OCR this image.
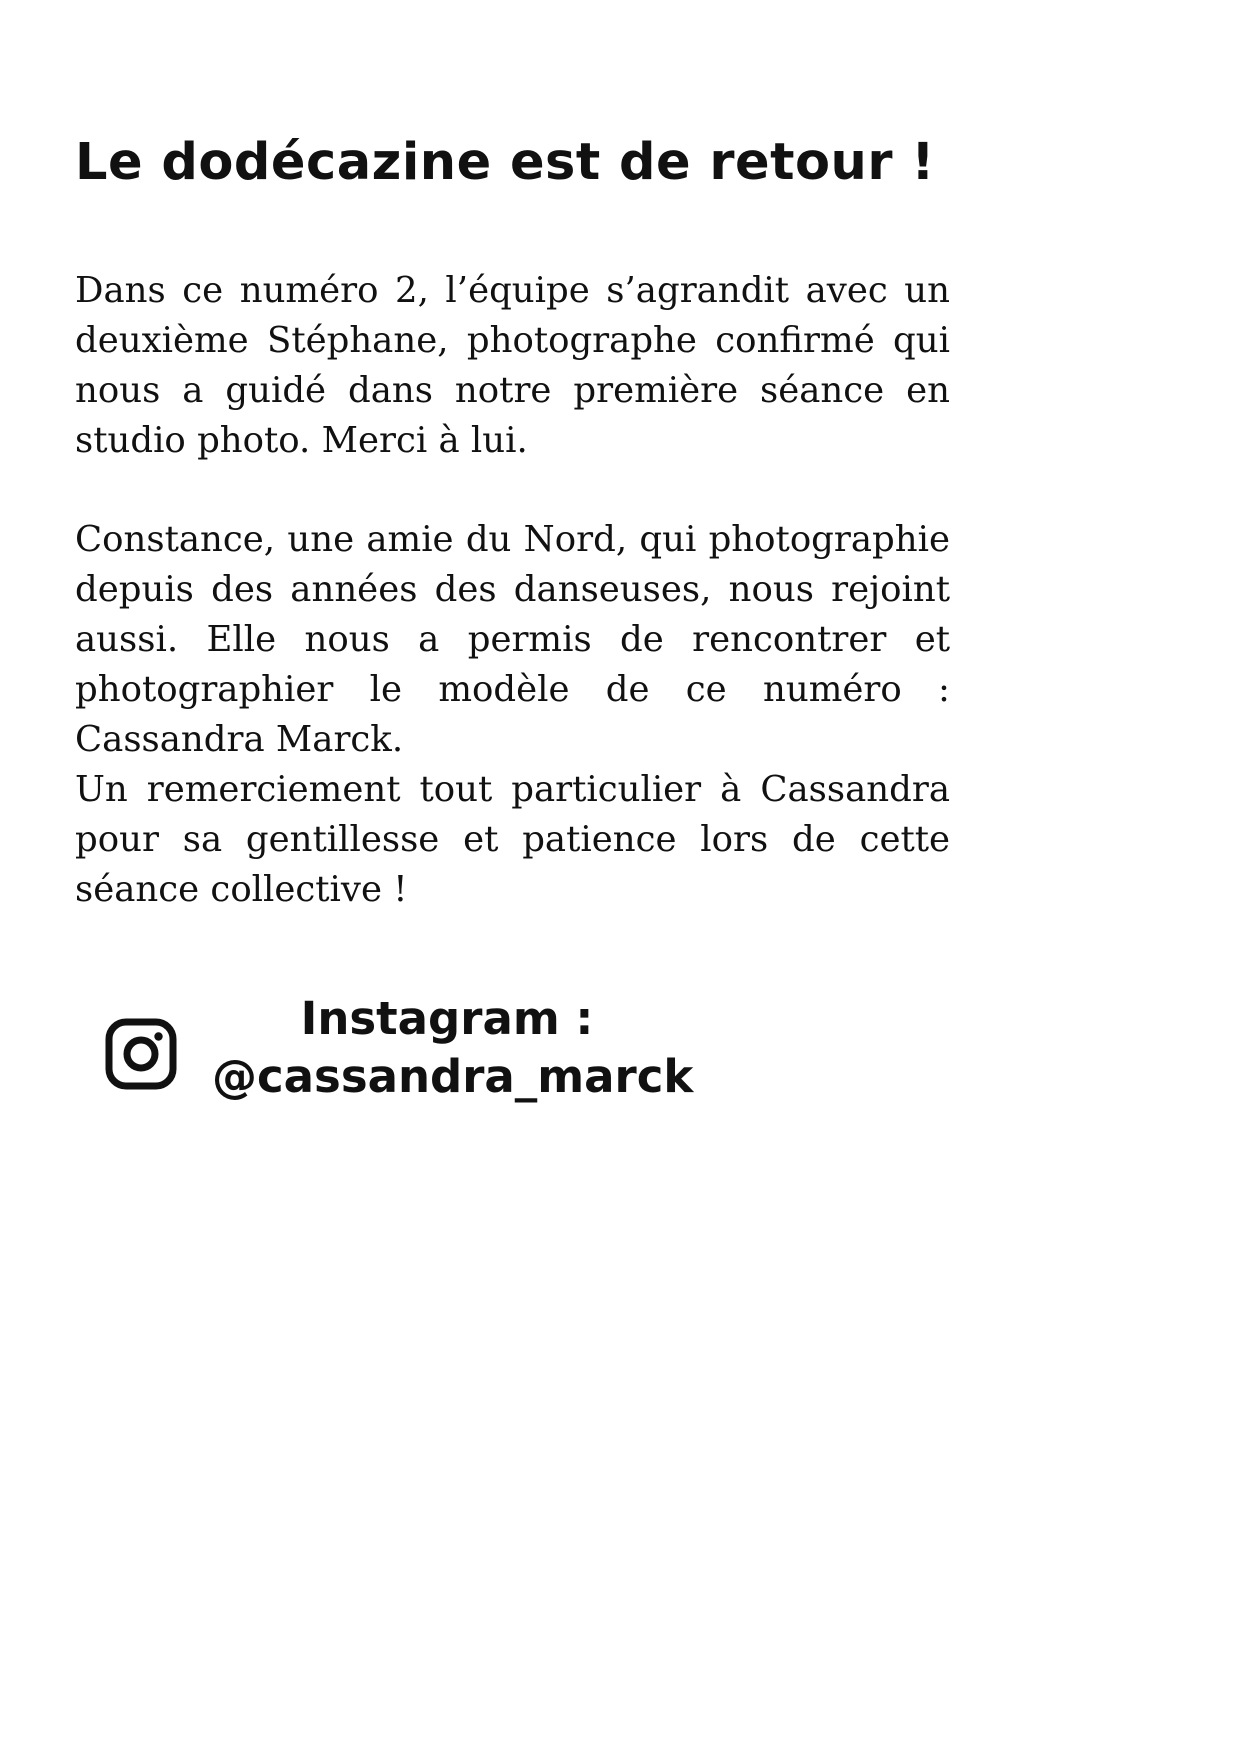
Le dodécazine est de retour !

Dans ce numéro 2, l’équipe s’agrandit avec un deuxième Stéphane, photographe confirmé qui nous a guidé dans notre première séance en studio photo. Merci à lui.

Constance, une amie du Nord, qui photographie depuis des années des danseuses, nous rejoint aussi. Elle nous a permis de rencontrer et photographier le modèle de ce numéro : Cassandra Marck.

Un remerciement tout particulier à Cassandra pour sa gentillesse et patience lors de cette séance collective !

Instagram :
@cassandra_marck
